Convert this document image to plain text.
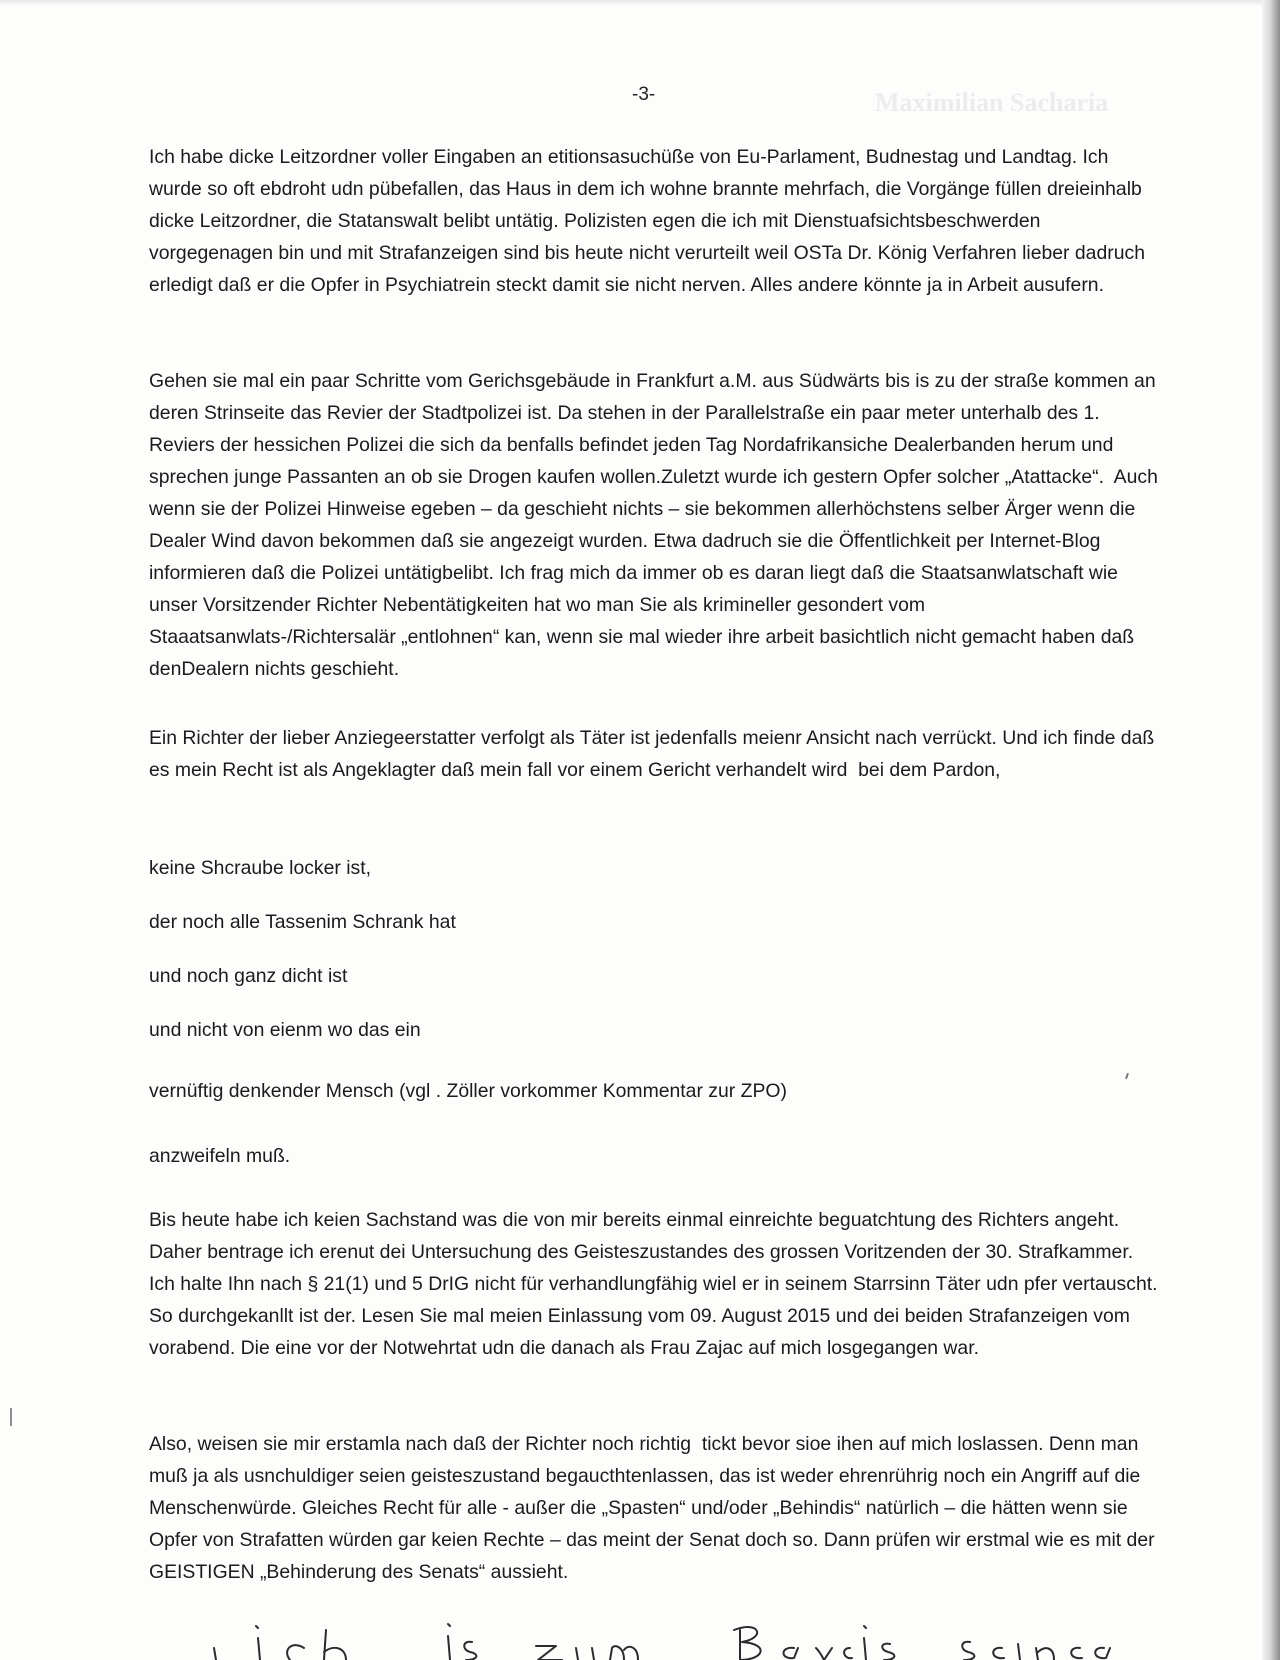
Maximilian Sacharia
-3-

Ich habe dicke Leitzordner voller Eingaben an etitionsasuchüße von Eu-Parlament, Budnestag und Landtag. Ich wurde so oft ebdroht udn pübefallen, das Haus in dem ich wohne brannte mehrfach, die Vorgänge füllen dreieinhalb dicke Leitzordner, die Statanswalt belibt untätig. Polizisten egen die ich mit Dienstuafsichtsbeschwerden vorgegenagen bin und mit Strafanzeigen sind bis heute nicht verurteilt weil OSTa Dr. König Verfahren lieber dadruch erledigt daß er die Opfer in Psychiatrein steckt damit sie nicht nerven. Alles andere könnte ja in Arbeit ausufern.

Gehen sie mal ein paar Schritte vom Gerichsgebäude in Frankfurt a.M. aus Südwärts bis is zu der straße kommen an deren Strinseite das Revier der Stadtpolizei ist. Da stehen in der Parallelstraße ein paar meter unterhalb des 1. Reviers der hessichen Polizei die sich da benfalls befindet jeden Tag Nordafrikansiche Dealerbanden herum und sprechen junge Passanten an ob sie Drogen kaufen wollen.Zuletzt wurde ich gestern Opfer solcher „Atattacke“.  Auch wenn sie der Polizei Hinweise egeben – da geschieht nichts – sie bekommen allerhöchstens selber Ärger wenn die Dealer Wind davon bekommen daß sie angezeigt wurden. Etwa dadruch sie die Öffentlichkeit per Internet-Blog informieren daß die Polizei untätigbelibt. Ich frag mich da immer ob es daran liegt daß die Staatsanwlatschaft wie unser Vorsitzender Richter Nebentätigkeiten hat wo man Sie als krimineller gesondert vom Staaatsanwlats-/Richtersalär „entlohnen“ kan, wenn sie mal wieder ihre arbeit basichtlich nicht gemacht haben daß denDealern nichts geschieht.

Ein Richter der lieber Anziegeerstatter verfolgt als Täter ist jedenfalls meienr Ansicht nach verrückt. Und ich finde daß es mein Recht ist als Angeklagter daß mein fall vor einem Gericht verhandelt wird  bei dem Pardon,

keine Shcraube locker ist,

der noch alle Tassenim Schrank hat

und noch ganz dicht ist

und nicht von eienm wo das ein

vernüftig denkender Mensch (vgl . Zöller vorkommer Kommentar zur ZPO)

anzweifeln muß.

Bis heute habe ich keien Sachstand was die von mir bereits einmal einreichte beguatchtung des Richters angeht. Daher bentrage ich erenut dei Untersuchung des Geisteszustandes des grossen Voritzenden der 30. Strafkammer. Ich halte Ihn nach § 21(1) und 5 DrIG nicht für verhandlungfähig wiel er in seinem Starrsinn Täter udn pfer vertauscht. So durchgekanllt ist der. Lesen Sie mal meien Einlassung vom 09. August 2015 und dei beiden Strafanzeigen vom vorabend. Die eine vor der Notwehrtat udn die danach als Frau Zajac auf mich losgegangen war.

Also, weisen sie mir erstamla nach daß der Richter noch richtig  tickt bevor sioe ihen auf mich loslassen. Denn man muß ja als usnchuldiger seien geisteszustand begaucthtenlassen, das ist weder ehrenrührig noch ein Angriff auf die Menschenwürde. Gleiches Recht für alle - außer die „Spasten“ und/oder „Behindis“ natürlich – die hätten wenn sie Opfer von Strafatten würden gar keien Rechte – das meint der Senat doch so. Dann prüfen wir erstmal wie es mit der GEISTIGEN „Behinderung des Senats“ aussieht.
